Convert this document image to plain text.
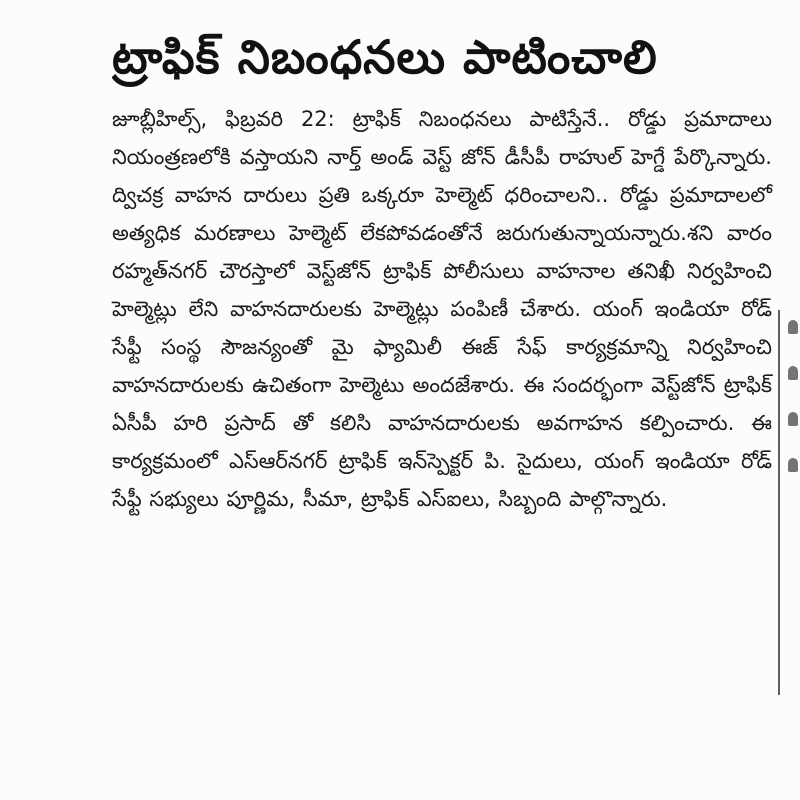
ట్రాఫిక్ నిబంధనలు పాటించాలి

జూబ్లీహిల్స్, ఫిబ్రవరి 22: ట్రాఫిక్ నిబంధనలు పాటిస్తేనే.. రోడ్డు ప్రమాదాలు నియంత్రణలోకి వస్తాయని నార్త్ అండ్ వెస్ట్ జోన్ డీసీపీ రాహుల్ హెగ్డే పేర్కొన్నారు. ద్విచక్ర వాహన దారులు ప్రతి ఒక్కరూ హెల్మెట్ ధరించాలని.. రోడ్డు ప్రమాదాలలో అత్యధిక మరణాలు హెల్మెట్ లేకపోవడంతోనే జరుగుతున్నాయన్నారు.శని వారం రహ్మత్‌నగర్ చౌరస్తాలో వెస్ట్‌జోన్ ట్రాఫిక్ పోలీసులు వాహనాల తనిఖీ నిర్వహించి హెల్మెట్లు లేని వాహనదారులకు హెల్మెట్లు పంపిణీ చేశారు. యంగ్ ఇండియా రోడ్ సేఫ్టీ సంస్థ సౌజన్యంతో మై ఫ్యామిలీ ఈజ్ సేఫ్ కార్యక్రమాన్ని నిర్వహించి వాహనదారులకు ఉచితంగా హెల్మెటు అందజేశారు. ఈ సందర్భంగా వెస్ట్‌జోన్ ట్రాఫిక్ ఏసీపీ హరి ప్రసాద్ తో కలిసి వాహనదారులకు అవగాహన కల్పించారు. ఈ కార్యక్రమంలో ఎస్ఆర్‌నగర్ ట్రాఫిక్ ఇన్‌స్పెక్టర్ పి. సైదులు, యంగ్ ఇండియా రోడ్ సేఫ్టీ సభ్యులు పూర్ణిమ, సీమా, ట్రాఫిక్ ఎస్ఐలు, సిబ్బంది పాల్గొన్నారు.
